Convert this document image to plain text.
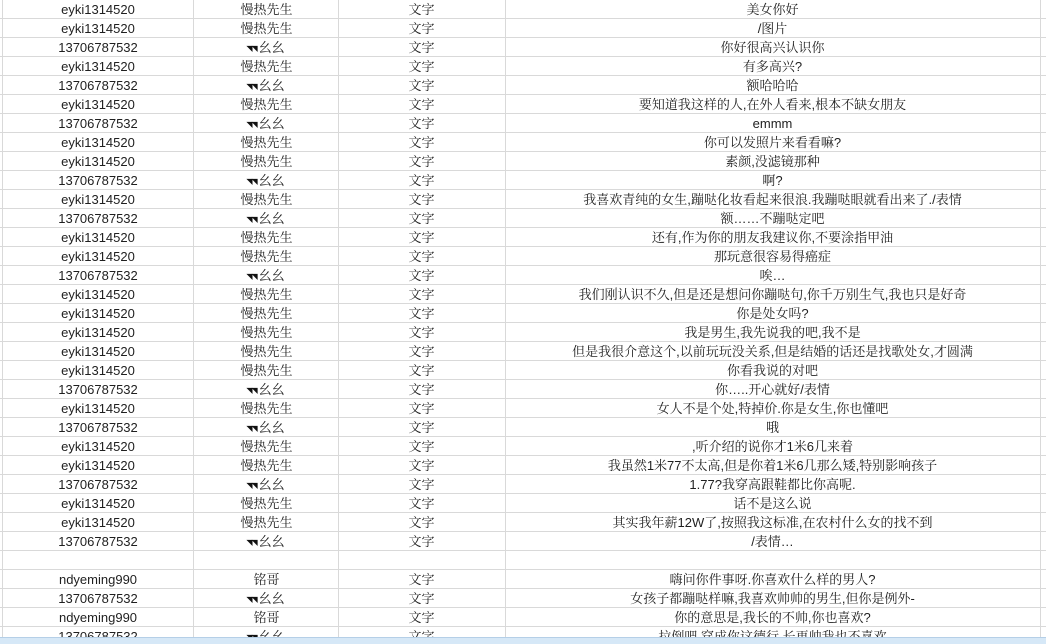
eyki1314520	慢热先生	文字	美女你好
eyki1314520	慢热先生	文字	/图片
13706787532	◥◥ 幺幺	文字	你好很高兴认识你
eyki1314520	慢热先生	文字	有多高兴?
13706787532	◥◥ 幺幺	文字	额哈哈哈
eyki1314520	慢热先生	文字	要知道我这样的人,在外人看来,根本不缺女朋友
13706787532	◥◥ 幺幺	文字	emmm
eyki1314520	慢热先生	文字	你可以发照片来看看嘛?
eyki1314520	慢热先生	文字	素颜,没滤镜那种
13706787532	◥◥ 幺幺	文字	啊?
eyki1314520	慢热先生	文字	我喜欢青纯的女生,蹦哒化妆看起来很浪.我蹦哒眼就看出来了./表情
13706787532	◥◥ 幺幺	文字	额……不蹦哒定吧
eyki1314520	慢热先生	文字	还有,作为你的朋友我建议你,不要涂指甲油
eyki1314520	慢热先生	文字	那玩意很容易得癌症
13706787532	◥◥ 幺幺	文字	唉…
eyki1314520	慢热先生	文字	我们刚认识不久,但是还是想问你蹦哒句,你千万别生气,我也只是好奇
eyki1314520	慢热先生	文字	你是处女吗?
eyki1314520	慢热先生	文字	我是男生,我先说我的吧,我不是
eyki1314520	慢热先生	文字	但是我很介意这个,以前玩玩没关系,但是结婚的话还是找歌处女,才圆满
eyki1314520	慢热先生	文字	你看我说的对吧
13706787532	◥◥ 幺幺	文字	你…..开心就好/表情
eyki1314520	慢热先生	文字	女人不是个处,特掉价.你是女生,你也懂吧
13706787532	◥◥ 幺幺	文字	哦
eyki1314520	慢热先生	文字	,听介绍的说你才1米6几来着
eyki1314520	慢热先生	文字	我虽然1米77不太高,但是你着1米6几那么矮,特别影响孩子
13706787532	◥◥ 幺幺	文字	1.77?我穿高跟鞋都比你高呢.
eyki1314520	慢热先生	文字	话不是这么说
eyki1314520	慢热先生	文字	其实我年薪12W了,按照我这标准,在农村什么女的找不到
13706787532	◥◥ 幺幺	文字	/表情…
ndyeming990	铭哥	文字	嗨问你件事呀.你喜欢什么样的男人?
13706787532	◥◥ 幺幺	文字	女孩子都蹦哒样嘛,我喜欢帅帅的男生,但你是例外-
ndyeming990	铭哥	文字	你的意思是,我长的不帅,你也喜欢?
